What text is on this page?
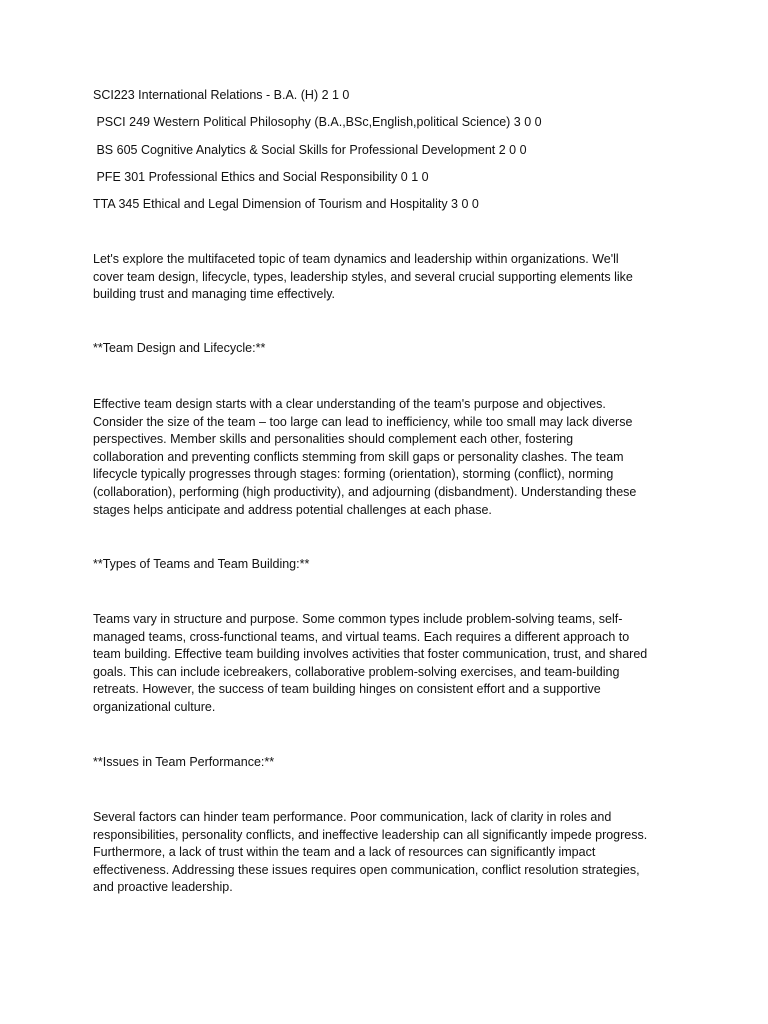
SCI223 International Relations - B.A. (H) 2 1 0

PSCI 249 Western Political Philosophy (B.A.,BSc,English,political Science) 3 0 0

BS 605 Cognitive Analytics & Social Skills for Professional Development 2 0 0

PFE 301 Professional Ethics and Social Responsibility 0 1 0

TTA 345 Ethical and Legal Dimension of Tourism and Hospitality 3 0 0

Let's explore the multifaceted topic of team dynamics and leadership within organizations. We'll
cover team design, lifecycle, types, leadership styles, and several crucial supporting elements like
building trust and managing time effectively.

**Team Design and Lifecycle:**

Effective team design starts with a clear understanding of the team's purpose and objectives.
Consider the size of the team – too large can lead to inefficiency, while too small may lack diverse
perspectives. Member skills and personalities should complement each other, fostering
collaboration and preventing conflicts stemming from skill gaps or personality clashes. The team
lifecycle typically progresses through stages: forming (orientation), storming (conflict), norming
(collaboration), performing (high productivity), and adjourning (disbandment). Understanding these
stages helps anticipate and address potential challenges at each phase.

**Types of Teams and Team Building:**

Teams vary in structure and purpose. Some common types include problem-solving teams, self-
managed teams, cross-functional teams, and virtual teams. Each requires a different approach to
team building. Effective team building involves activities that foster communication, trust, and shared
goals. This can include icebreakers, collaborative problem-solving exercises, and team-building
retreats. However, the success of team building hinges on consistent effort and a supportive
organizational culture.

**Issues in Team Performance:**

Several factors can hinder team performance. Poor communication, lack of clarity in roles and
responsibilities, personality conflicts, and ineffective leadership can all significantly impede progress.
Furthermore, a lack of trust within the team and a lack of resources can significantly impact
effectiveness. Addressing these issues requires open communication, conflict resolution strategies,
and proactive leadership.
